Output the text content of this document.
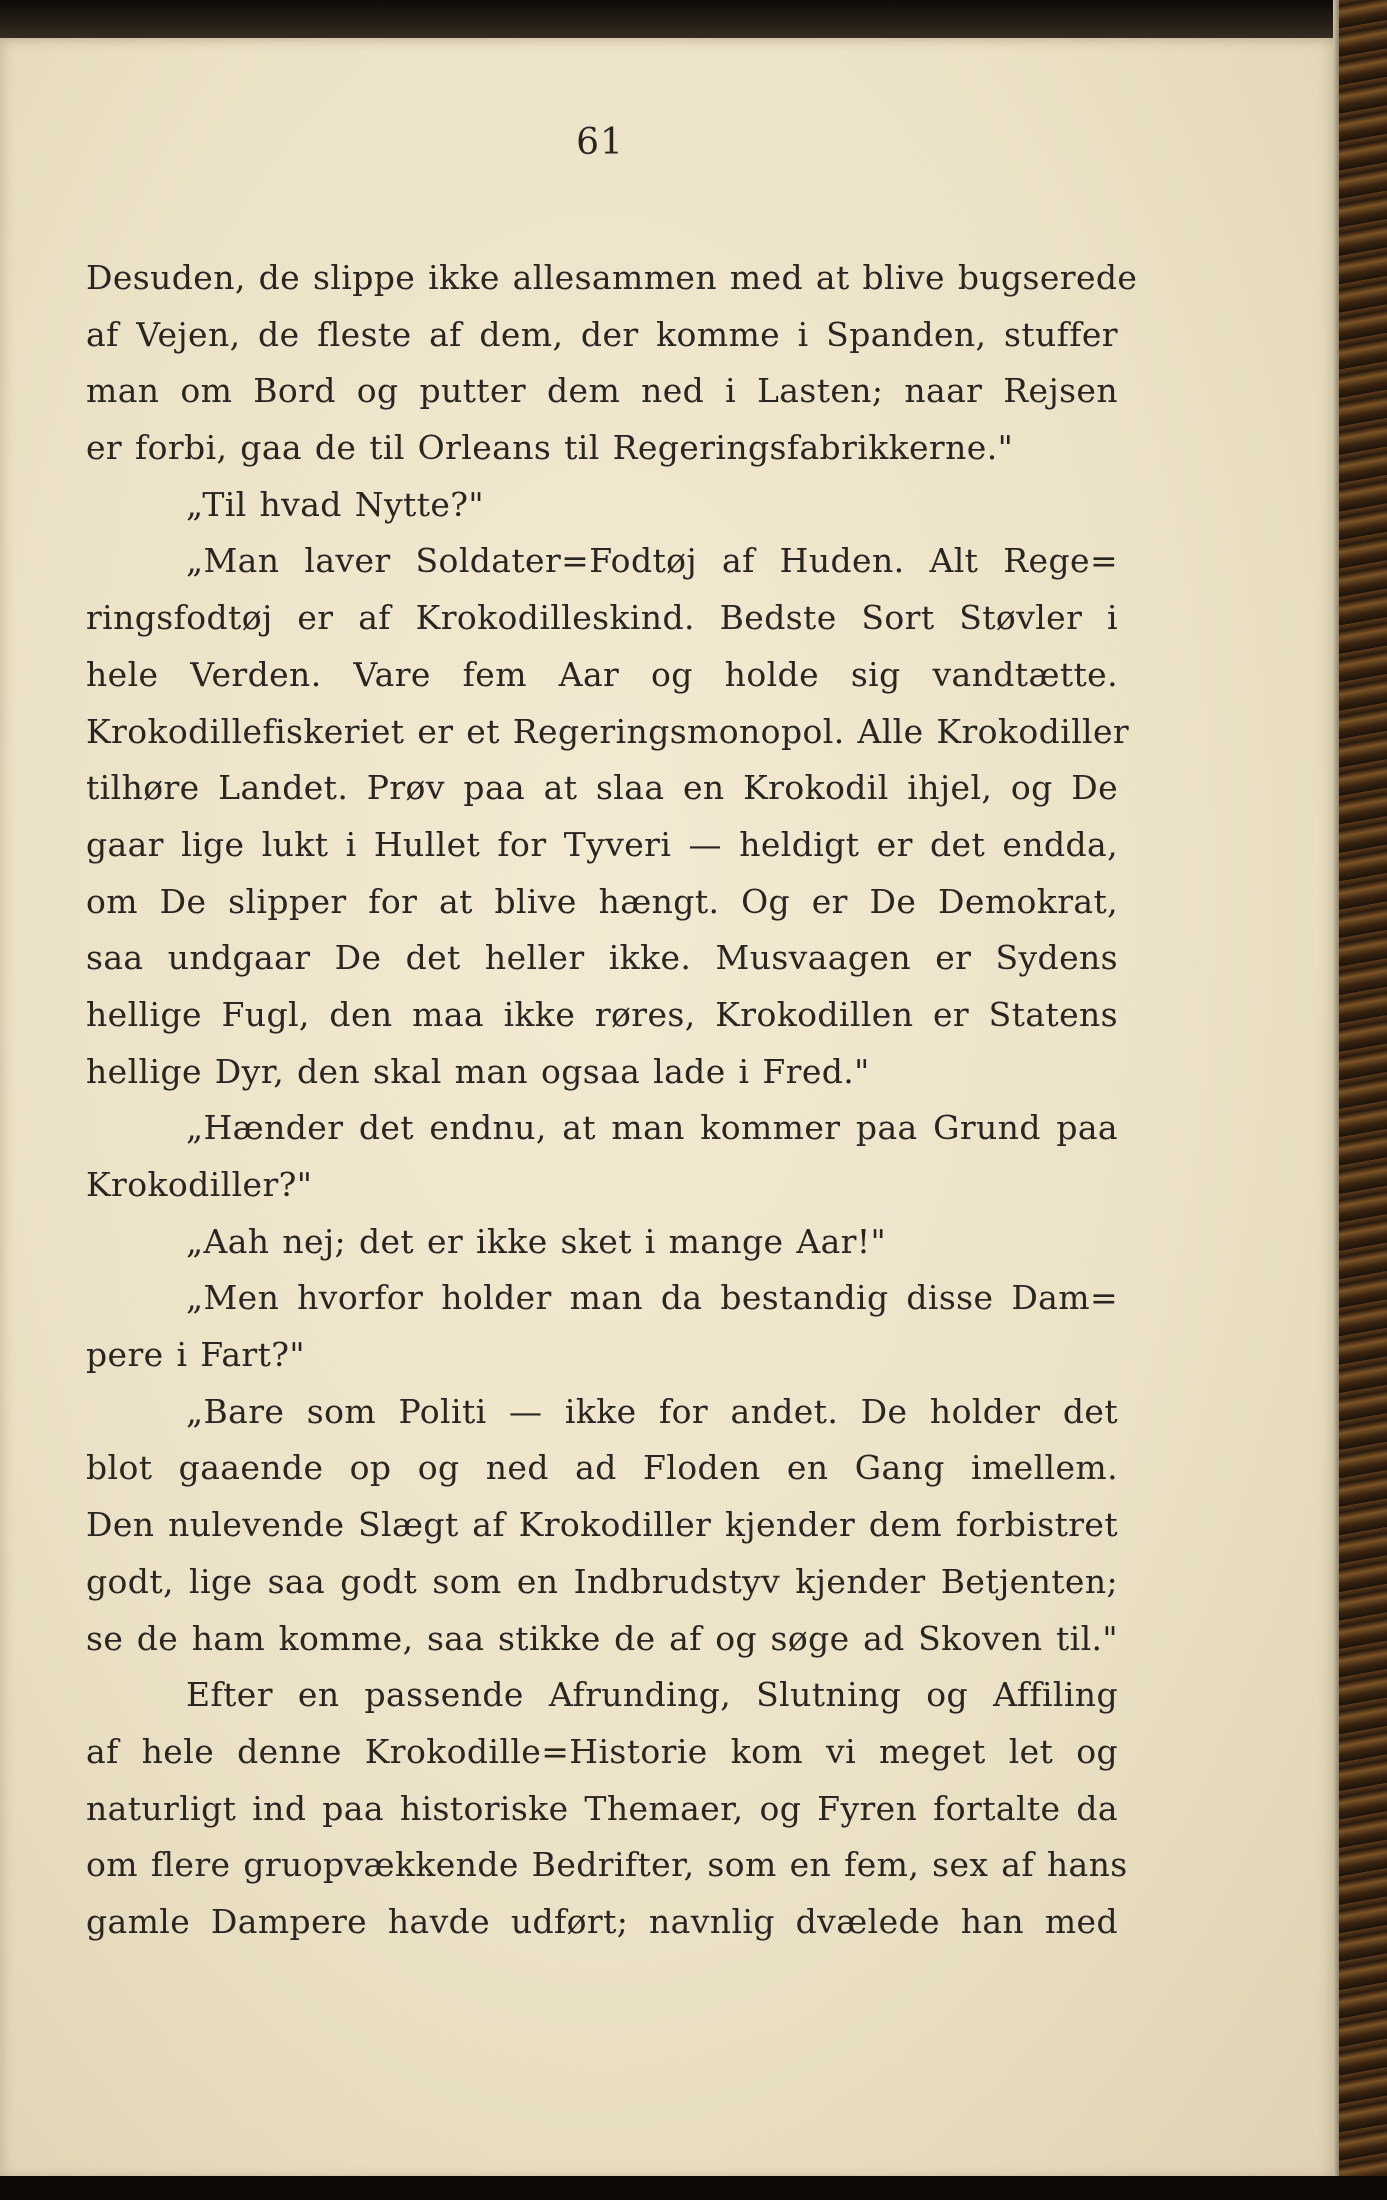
61
Desuden, de slippe ikke allesammen med at blive bugserede
af Vejen, de fleste af dem, der komme i Spanden, stuffer
man om Bord og putter dem ned i Lasten; naar Rejsen
er forbi, gaa de til Orleans til Regeringsfabrikkerne."
„Til hvad Nytte?"
„Man laver Soldater=Fodtøj af Huden. Alt Rege=
ringsfodtøj er af Krokodilleskind. Bedste Sort Støvler i
hele Verden. Vare fem Aar og holde sig vandtætte.
Krokodillefiskeriet er et Regeringsmonopol. Alle Krokodiller
tilhøre Landet. Prøv paa at slaa en Krokodil ihjel, og De
gaar lige lukt i Hullet for Tyveri — heldigt er det endda,
om De slipper for at blive hængt. Og er De Demokrat,
saa undgaar De det heller ikke. Musvaagen er Sydens
hellige Fugl, den maa ikke røres, Krokodillen er Statens
hellige Dyr, den skal man ogsaa lade i Fred."
„Hænder det endnu, at man kommer paa Grund paa
Krokodiller?"
„Aah nej; det er ikke sket i mange Aar!"
„Men hvorfor holder man da bestandig disse Dam=
pere i Fart?"
„Bare som Politi — ikke for andet. De holder det
blot gaaende op og ned ad Floden en Gang imellem.
Den nulevende Slægt af Krokodiller kjender dem forbistret
godt, lige saa godt som en Indbrudstyv kjender Betjenten;
se de ham komme, saa stikke de af og søge ad Skoven til."
Efter en passende Afrunding, Slutning og Affiling
af hele denne Krokodille=Historie kom vi meget let og
naturligt ind paa historiske Themaer, og Fyren fortalte da
om flere gruopvækkende Bedrifter, som en fem, sex af hans
gamle Dampere havde udført; navnlig dvælede han med
